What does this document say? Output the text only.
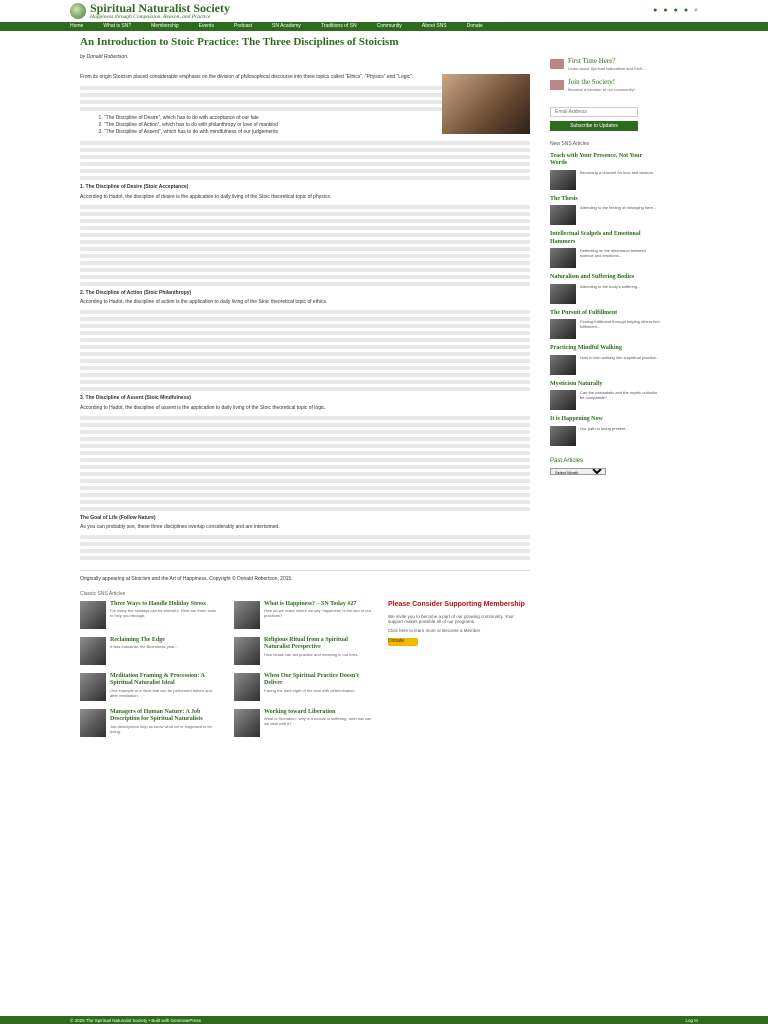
Spiritual Naturalist Society
Happiness through Compassion, Reason, and Practice
● ● ● ● ⌕
Home	What is SN?	Membership	Events	Podcast	SN Academy	Traditions of SN	Community	About SNS	Donate
An Introduction to Stoic Practice: The Three Disciplines of Stoicism
by Donald Robertson.

From its origin Stoicism placed considerable emphasis on the division of philosophical discourse into three topics called “Ethics”, “Physics” and “Logic”.

1. “The Discipline of Desire”, which has to do with acceptance of our fate
2. “The Discipline of Action”, which has to do with philanthropy or love of mankind
3. “The Discipline of Assent”, which has to do with mindfulness of our judgements
1. The Discipline of Desire (Stoic Acceptance)

According to Hadot, the discipline of desire is the application to daily living of the Stoic theoretical topic of physics.

2. The Discipline of Action (Stoic Philanthropy)

According to Hadot, the discipline of action is the application to daily living of the Stoic theoretical topic of ethics.

3. The Discipline of Assent (Stoic Mindfulness)

According to Hadot, the discipline of assent is the application to daily living of the Stoic theoretical topic of logic.

The Goal of Life (Follow Nature)

As you can probably see, these three disciplines overlap considerably and are intertwined.

Originally appearing at Stoicism and the Art of Happiness. Copyright © Donald Robertson, 2015.
First Time Here?
Learn about Spiritual Naturalism and SNS...
Join the Society!
Become a member of our community!
Email Address
Subscribe to Updates
New SNS Articles
Teach with Your Presence, Not Your Words
Becoming a channel for love and wisdom.
The Thesis
Attending to the feeling of belonging here...
Intellectual Scalpels and Emotional Hammers
Reflecting on the discussion between science and emotions...
Naturalism and Suffering Bodies
Attending to the body's suffering...
The Pursuit of Fulfillment
Finding fulfillment through helping others find fulfillment...
Practicing Mindful Walking
How to turn walking into a spiritual practice...
Mysticism Naturally
Can the naturalistic and the mystic outlooks be compatible?
It is Happening Now
Our path to being present...
Past Articles
Select Month
Classic SNS Articles
Three Ways to Handle Holiday Stress
For many the holidays can be stressful. Here are three tools to help you through.
Reclaiming The Edge
It was Industrial, the Bluestreak year...
Meditation Framing & Procession: A Spiritual Naturalist Ideal
One example of a ritual that can be performed before and after meditation.
Managers of Human Nature: A Job Description for Spiritual Naturalists
Job descriptions help us know what we're supposed to be doing.
What is Happiness? – SN Today #27
How do we reach where we say ‘happiness’ is the aim of our practices?
Religious Ritual from a Spiritual Naturalist Perspective
How rituals can aid practice and meaning in our lives.
When Our Spiritual Practice Doesn't Deliver
Facing the dark night of the soul with determination.
Working toward Liberation
What is ‘liberation’, why is it crucial to suffering, and how can we deal with it?
Please Consider Supporting Membership
We invite you to become a part of our growing community. Your support makes possible all of our programs.
Click here to learn more or Become a Member
Donate
© 2025 The Spiritual Naturalist Society • Built with GeneratePress	Log In
